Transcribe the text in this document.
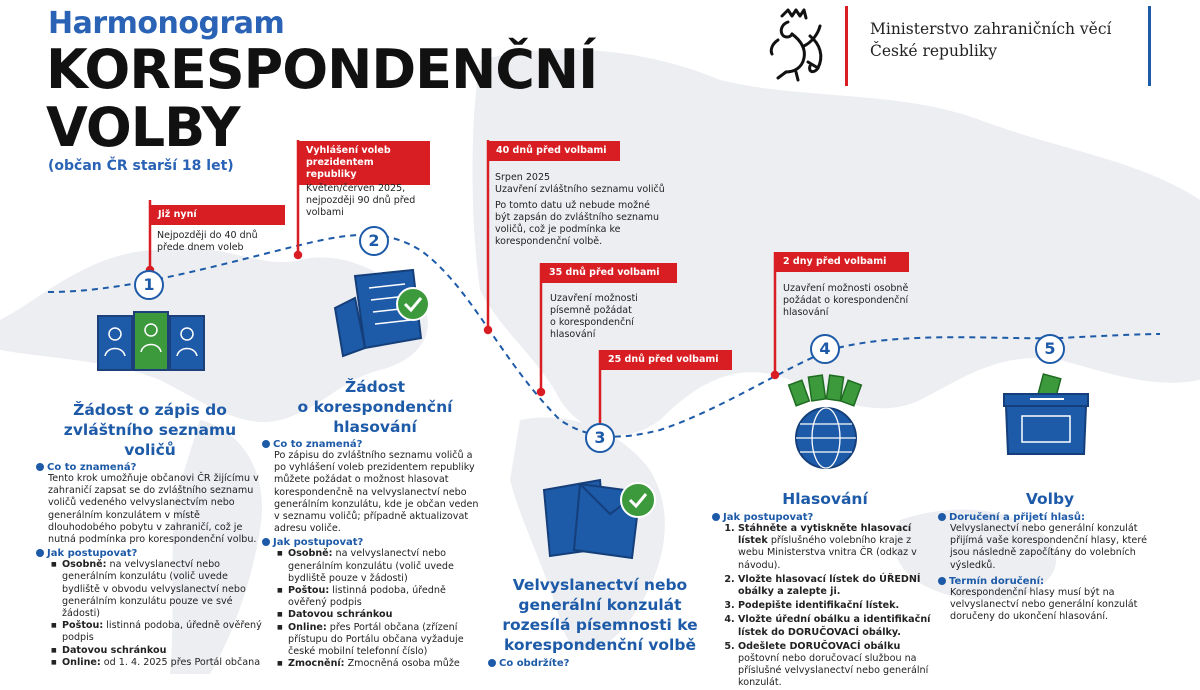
Harmonogram
KORESPONDENČNÍ
VOLBY
(občan ČR starší 18 let)
Ministerstvo zahraničních věcí
České republiky
Již nyní
Nejpozději do 40 dnů
přede dnem voleb
Vyhlášení voleb
prezidentem republiky
Květen/červen 2025,
nejpozději 90 dnů před
volbami
40 dnů před volbami
Srpen 2025
Uzavření zvláštního seznamu voličů
Po tomto datu už nebude možné
být zapsán do zvláštního seznamu
voličů, což je podmínka ke
korespondenční volbě.
35 dnů před volbami
Uzavření možnosti
písemně požádat
o korespondenční
hlasování
25 dnů před volbami
2 dny před volbami
Uzavření možnosti osobně
požádat o korespondenční
hlasování
1
2
3
4	5
Žádost o zápis do
zvláštního seznamu
voličů
Žádost
o korespondenční
hlasování
Velvyslanectví nebo
generální konzulát
rozesílá písemnosti ke
korespondenční volbě
Hlasování	Volby
Co to znamená?
Tento krok umožňuje občanovi ČR žijícímu v zahraničí zapsat se do zvláštního seznamu voličů vedeného velvyslanectvím nebo generálním konzulátem v místě dlouhodobého pobytu v zahraničí, což je nutná podmínka pro korespondenční volbu.
Jak postupovat?
■ Osobně: na velvyslanectví nebo generálním konzulátu (volič uvede bydliště v obvodu velvyslanectví nebo generálním konzulátu pouze ve své žádosti)
■ Poštou: listinná podoba, úředně ověřený podpis
■ Datovou schránkou
■ Online: od 1. 4. 2025 přes Portál občana
Co to znamená?
Po zápisu do zvláštního seznamu voličů a po vyhlášení voleb prezidentem republiky můžete požádat o možnost hlasovat korespondenčně na velvyslanectví nebo generálním konzulátu, kde je občan veden v seznamu voličů; případně aktualizovat adresu voliče.
Jak postupovat?
■ Osobně: na velvyslanectví nebo generálním konzulátu (volič uvede bydliště pouze v žádosti)
■ Poštou: listinná podoba, úředně ověřený podpis
■ Datovou schránkou
■ Online: přes Portál občana (zřízení přístupu do Portálu občana vyžaduje české mobilní telefonní číslo)
■ Zmocnění: Zmocněná osoba může	Co obdržíte?
Jak postupovat?
1. Stáhněte a vytiskněte hlasovací lístek příslušného volebního kraje z webu Ministerstva vnitra ČR (odkaz v návodu).
2. Vložte hlasovací lístek do ÚŘEDNÍ obálky a zalepte ji.
3. Podepište identifikační lístek.
4. Vložte úřední obálku a identifikační lístek do DORUČOVACÍ obálky.
5. Odešlete DORUČOVACÍ obálku poštovní nebo doručovací službou na příslušné velvyslanectví nebo generální konzulát.
Doručení a přijetí hlasů:
Velvyslanectví nebo generální konzulát přijímá vaše korespondenční hlasy, které jsou následně započítány do volebních výsledků.
Termín doručení:
Korespondenční hlasy musí být na velvyslanectví nebo generální konzulát doručeny do ukončení hlasování.
